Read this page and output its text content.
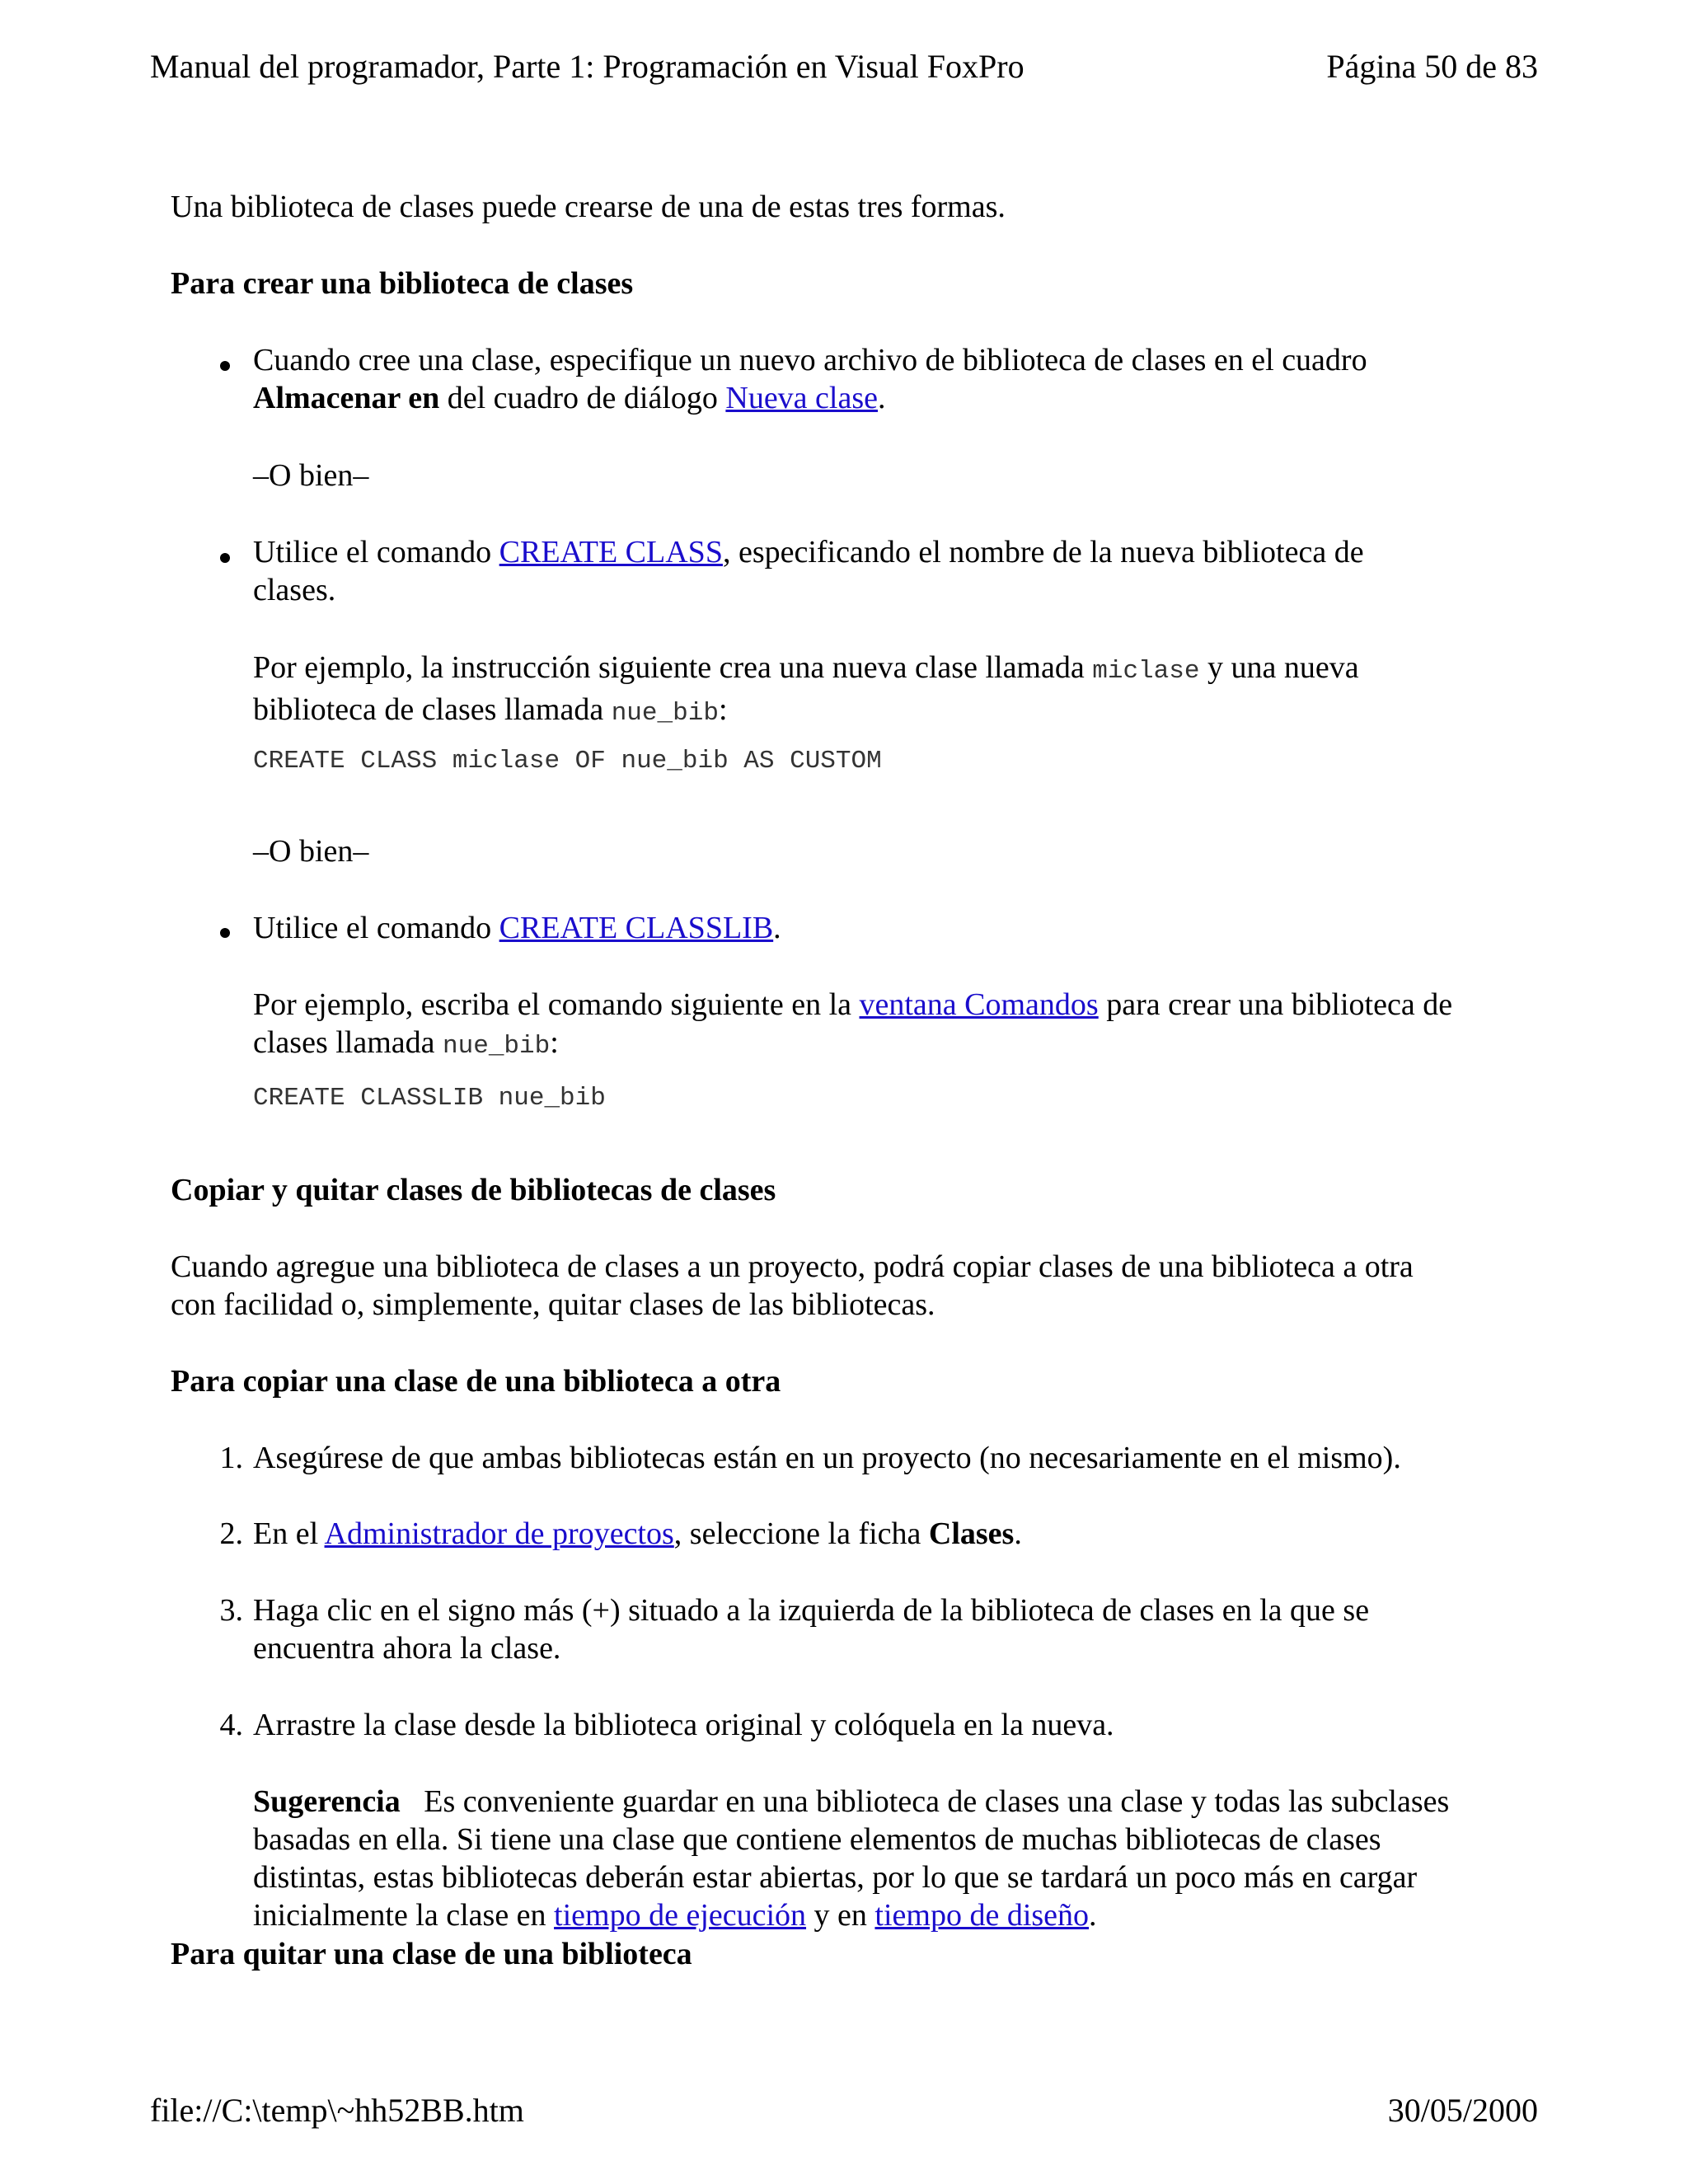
Manual del programador, Parte 1: Programación en Visual FoxPro	Página 50 de 83

Una biblioteca de clases puede crearse de una de estas tres formas.

Para crear una biblioteca de clases

Cuando cree una clase, especifique un nuevo archivo de biblioteca de clases en el cuadro
Almacenar en del cuadro de diálogo Nueva clase.

–O bien–

Utilice el comando CREATE CLASS, especificando el nombre de la nueva biblioteca de
clases.
Por ejemplo, la instrucción siguiente crea una nueva clase llamada miclase y una nueva
biblioteca de clases llamada nue_bib:
CREATE CLASS miclase OF nue_bib AS CUSTOM

–O bien–

Utilice el comando CREATE CLASSLIB.
Por ejemplo, escriba el comando siguiente en la ventana Comandos para crear una biblioteca de
clases llamada nue_bib:
CREATE CLASSLIB nue_bib

Copiar y quitar clases de bibliotecas de clases

Cuando agregue una biblioteca de clases a un proyecto, podrá copiar clases de una biblioteca a otra
con facilidad o, simplemente, quitar clases de las bibliotecas.

Para copiar una clase de una biblioteca a otra

1. Asegúrese de que ambas bibliotecas están en un proyecto (no necesariamente en el mismo).

2. En el Administrador de proyectos, seleccione la ficha Clases.
3. Haga clic en el signo más (+) situado a la izquierda de la biblioteca de clases en la que se
encuentra ahora la clase.
4. Arrastre la clase desde la biblioteca original y colóquela en la nueva.

Sugerencia   Es conveniente guardar en una biblioteca de clases una clase y todas las subclases
basadas en ella. Si tiene una clase que contiene elementos de muchas bibliotecas de clases
distintas, estas bibliotecas deberán estar abiertas, por lo que se tardará un poco más en cargar
inicialmente la clase en tiempo de ejecución y en tiempo de diseño.

Para quitar una clase de una biblioteca

file://C:\temp\~hh52BB.htm	30/05/2000
